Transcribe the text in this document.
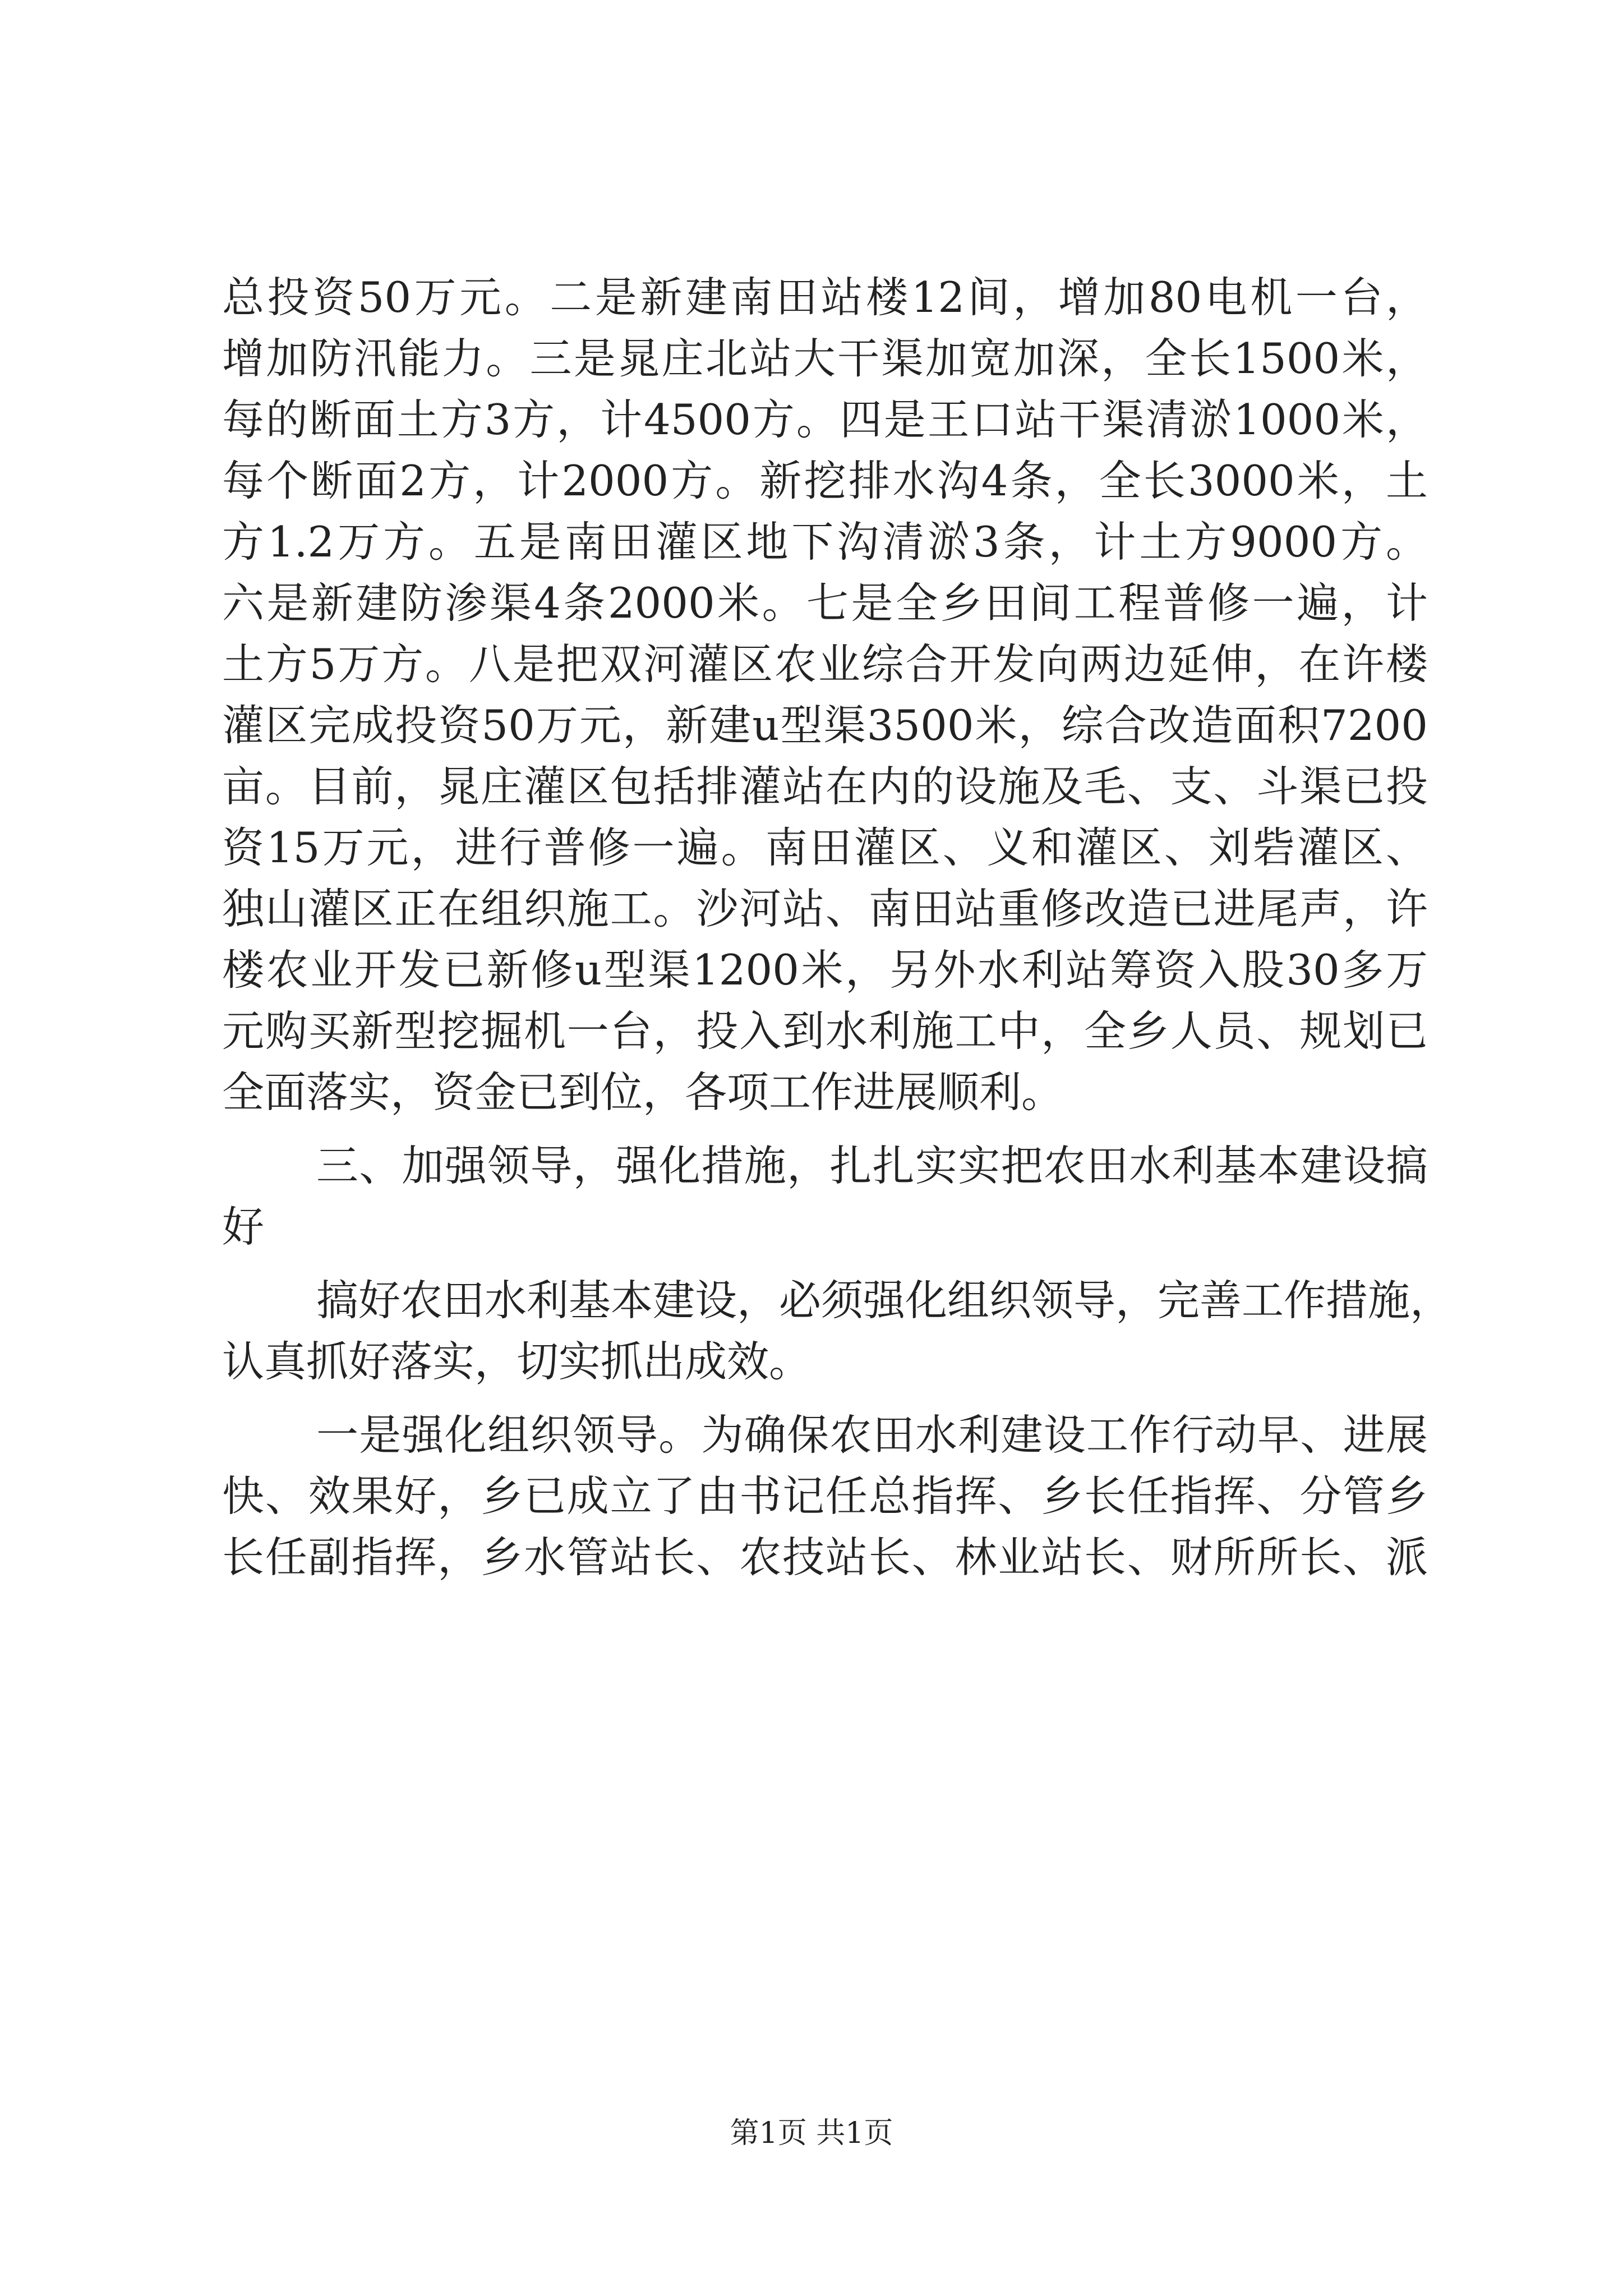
总投资50万元。二是新建南田站楼12间，增加80电机一台，
增加防汛能力。三是晁庄北站大干渠加宽加深，全长1500米，
每的断面土方3方，计4500方。四是王口站干渠清淤1000米，
每个断面2方，计2000方。新挖排水沟4条，全长3000米，土
方1.2万方。五是南田灌区地下沟清淤3条，计土方9000方。
六是新建防渗渠4条2000米。七是全乡田间工程普修一遍，计
土方5万方。八是把双河灌区农业综合开发向两边延伸，在许楼
灌区完成投资50万元，新建u型渠3500米，综合改造面积7200
亩。目前，晁庄灌区包括排灌站在内的设施及毛、支、斗渠已投
资15万元，进行普修一遍。南田灌区、义和灌区、刘砦灌区、
独山灌区正在组织施工。沙河站、南田站重修改造已进尾声，许
楼农业开发已新修u型渠1200米，另外水利站筹资入股30多万
元购买新型挖掘机一台，投入到水利施工中，全乡人员、规划已
全面落实，资金已到位，各项工作进展顺利。
三、加强领导，强化措施，扎扎实实把农田水利基本建设搞
好
搞好农田水利基本建设，必须强化组织领导，完善工作措施，
认真抓好落实，切实抓出成效。
一是强化组织领导。为确保农田水利建设工作行动早、进展
快、效果好，乡已成立了由书记任总指挥、乡长任指挥、分管乡
长任副指挥，乡水管站长、农技站长、林业站长、财所所长、派
第1页 共1页
